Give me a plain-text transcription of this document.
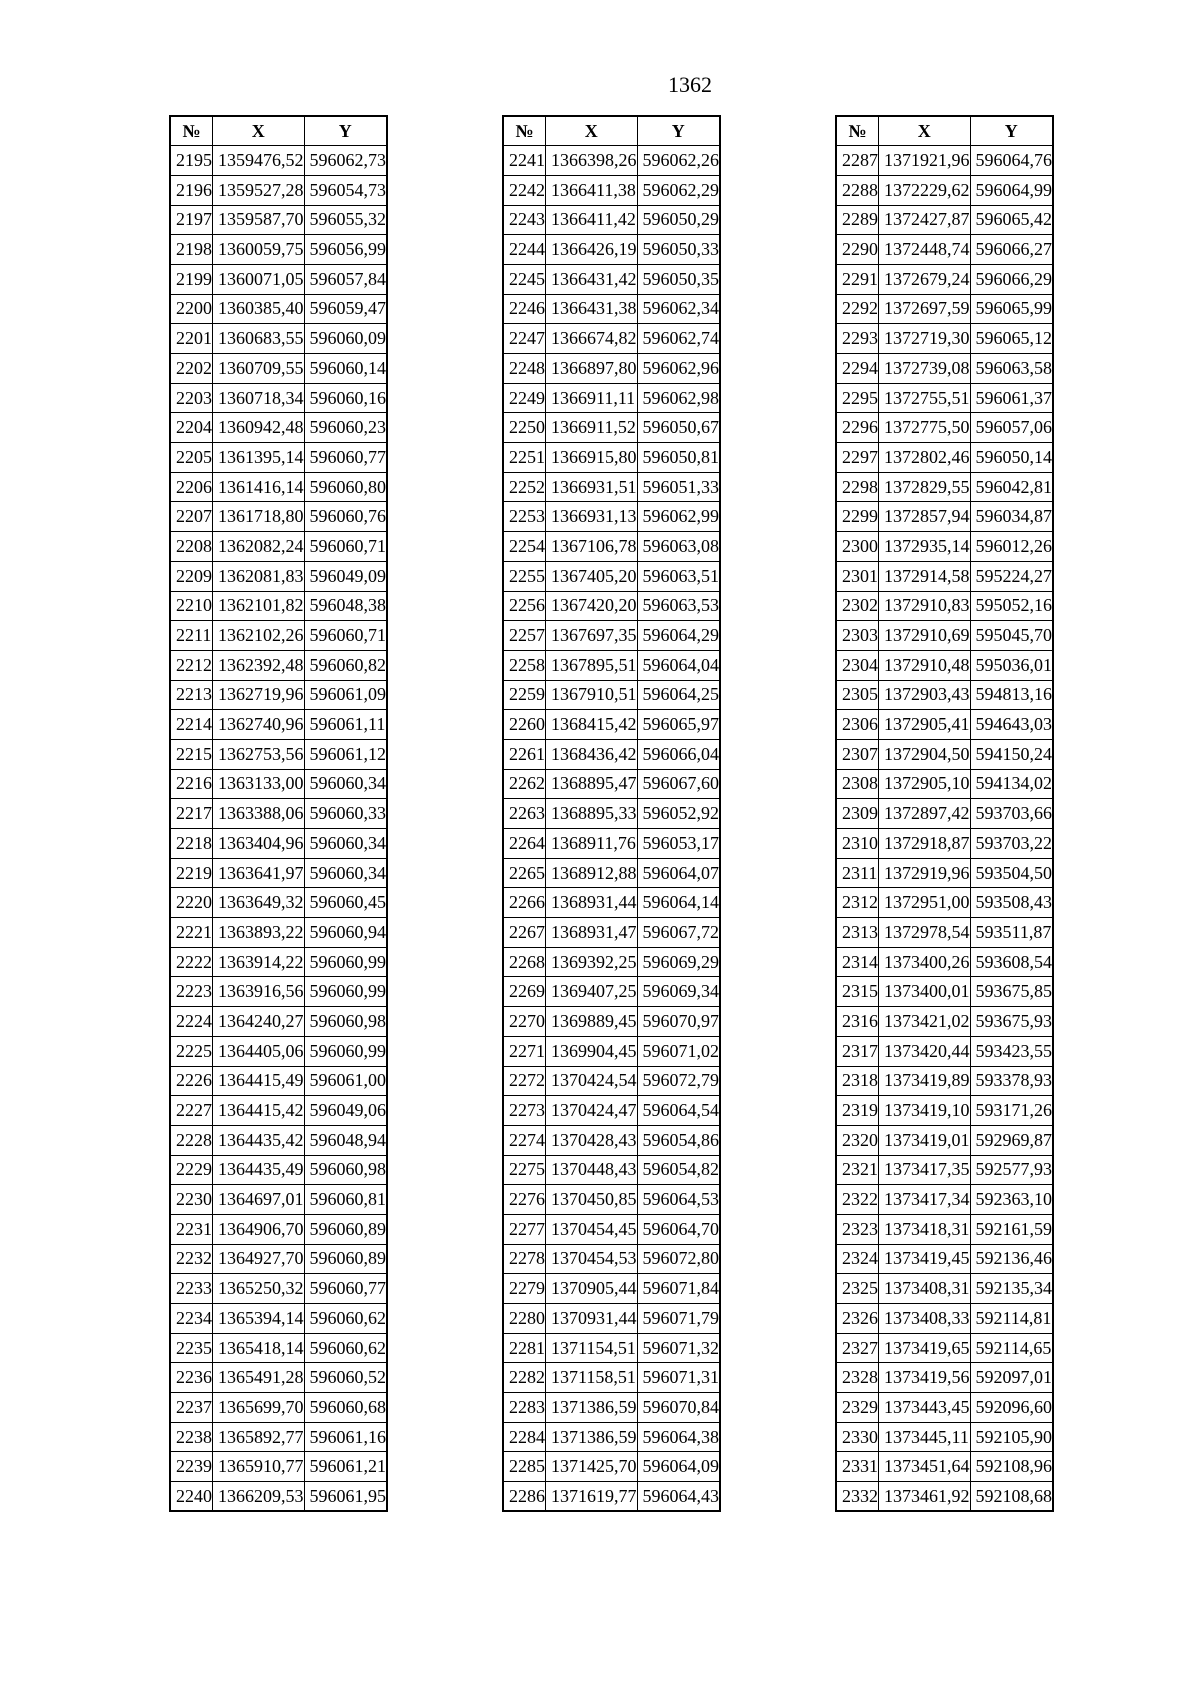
1362
№	X	Y
2195	1359476,52	596062,73
2196	1359527,28	596054,73
2197	1359587,70	596055,32
2198	1360059,75	596056,99
2199	1360071,05	596057,84
2200	1360385,40	596059,47
2201	1360683,55	596060,09
2202	1360709,55	596060,14
2203	1360718,34	596060,16
2204	1360942,48	596060,23
2205	1361395,14	596060,77
2206	1361416,14	596060,80
2207	1361718,80	596060,76
2208	1362082,24	596060,71
2209	1362081,83	596049,09
2210	1362101,82	596048,38
2211	1362102,26	596060,71
2212	1362392,48	596060,82
2213	1362719,96	596061,09
2214	1362740,96	596061,11
2215	1362753,56	596061,12
2216	1363133,00	596060,34
2217	1363388,06	596060,33
2218	1363404,96	596060,34
2219	1363641,97	596060,34
2220	1363649,32	596060,45
2221	1363893,22	596060,94
2222	1363914,22	596060,99
2223	1363916,56	596060,99
2224	1364240,27	596060,98
2225	1364405,06	596060,99
2226	1364415,49	596061,00
2227	1364415,42	596049,06
2228	1364435,42	596048,94
2229	1364435,49	596060,98
2230	1364697,01	596060,81
2231	1364906,70	596060,89
2232	1364927,70	596060,89
2233	1365250,32	596060,77
2234	1365394,14	596060,62
2235	1365418,14	596060,62
2236	1365491,28	596060,52
2237	1365699,70	596060,68
2238	1365892,77	596061,16
2239	1365910,77	596061,21
2240	1366209,53	596061,95
№	X	Y
2241	1366398,26	596062,26
2242	1366411,38	596062,29
2243	1366411,42	596050,29
2244	1366426,19	596050,33
2245	1366431,42	596050,35
2246	1366431,38	596062,34
2247	1366674,82	596062,74
2248	1366897,80	596062,96
2249	1366911,11	596062,98
2250	1366911,52	596050,67
2251	1366915,80	596050,81
2252	1366931,51	596051,33
2253	1366931,13	596062,99
2254	1367106,78	596063,08
2255	1367405,20	596063,51
2256	1367420,20	596063,53
2257	1367697,35	596064,29
2258	1367895,51	596064,04
2259	1367910,51	596064,25
2260	1368415,42	596065,97
2261	1368436,42	596066,04
2262	1368895,47	596067,60
2263	1368895,33	596052,92
2264	1368911,76	596053,17
2265	1368912,88	596064,07
2266	1368931,44	596064,14
2267	1368931,47	596067,72
2268	1369392,25	596069,29
2269	1369407,25	596069,34
2270	1369889,45	596070,97
2271	1369904,45	596071,02
2272	1370424,54	596072,79
2273	1370424,47	596064,54
2274	1370428,43	596054,86
2275	1370448,43	596054,82
2276	1370450,85	596064,53
2277	1370454,45	596064,70
2278	1370454,53	596072,80
2279	1370905,44	596071,84
2280	1370931,44	596071,79
2281	1371154,51	596071,32
2282	1371158,51	596071,31
2283	1371386,59	596070,84
2284	1371386,59	596064,38
2285	1371425,70	596064,09
2286	1371619,77	596064,43
№	X	Y
2287	1371921,96	596064,76
2288	1372229,62	596064,99
2289	1372427,87	596065,42
2290	1372448,74	596066,27
2291	1372679,24	596066,29
2292	1372697,59	596065,99
2293	1372719,30	596065,12
2294	1372739,08	596063,58
2295	1372755,51	596061,37
2296	1372775,50	596057,06
2297	1372802,46	596050,14
2298	1372829,55	596042,81
2299	1372857,94	596034,87
2300	1372935,14	596012,26
2301	1372914,58	595224,27
2302	1372910,83	595052,16
2303	1372910,69	595045,70
2304	1372910,48	595036,01
2305	1372903,43	594813,16
2306	1372905,41	594643,03
2307	1372904,50	594150,24
2308	1372905,10	594134,02
2309	1372897,42	593703,66
2310	1372918,87	593703,22
2311	1372919,96	593504,50
2312	1372951,00	593508,43
2313	1372978,54	593511,87
2314	1373400,26	593608,54
2315	1373400,01	593675,85
2316	1373421,02	593675,93
2317	1373420,44	593423,55
2318	1373419,89	593378,93
2319	1373419,10	593171,26
2320	1373419,01	592969,87
2321	1373417,35	592577,93
2322	1373417,34	592363,10
2323	1373418,31	592161,59
2324	1373419,45	592136,46
2325	1373408,31	592135,34
2326	1373408,33	592114,81
2327	1373419,65	592114,65
2328	1373419,56	592097,01
2329	1373443,45	592096,60
2330	1373445,11	592105,90
2331	1373451,64	592108,96
2332	1373461,92	592108,68
